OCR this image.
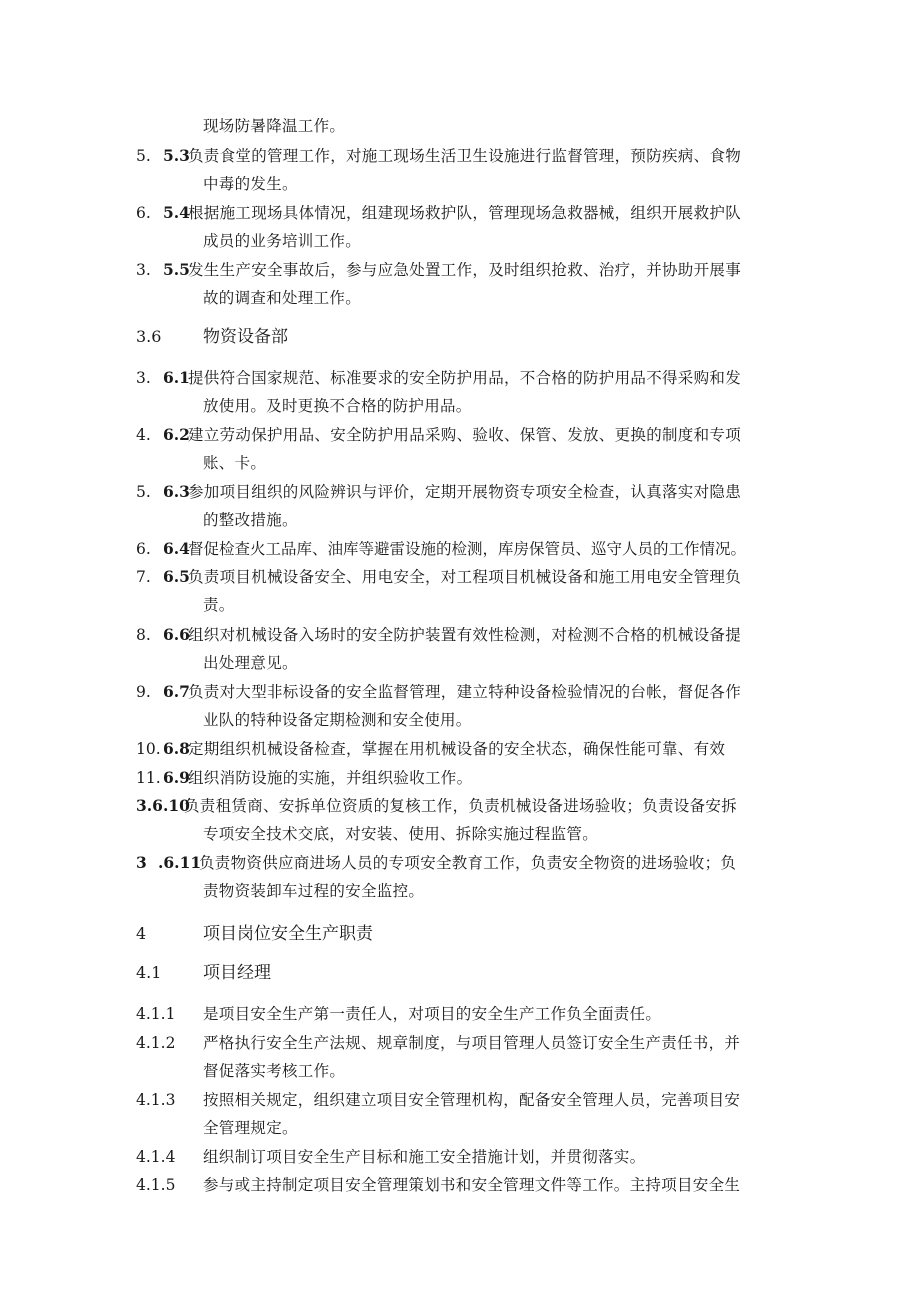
现场防暑降温工作。
5. 5.3
负责食堂的管理工作，对施工现场生活卫生设施进行监督管理，预防疾病、食物
中毒的发生。
6. 5.4
根据施工现场具体情况，组建现场救护队，管理现场急救器械，组织开展救护队
成员的业务培训工作。
3. 5.5
发生生产安全事故后，参与应急处置工作，及时组织抢救、治疗，并协助开展事
故的调查和处理工作。
3.6 物资设备部
3. 6.1
提供符合国家规范、标准要求的安全防护用品，不合格的防护用品不得采购和发
放使用。及时更换不合格的防护用品。
4. 6.2
建立劳动保护用品、安全防护用品采购、验收、保管、发放、更换的制度和专项
账、卡。
5. 6.3
参加项目组织的风险辨识与评价，定期开展物资专项安全检查，认真落实对隐患
的整改措施。
6. 6.4
督促检查火工品库、油库等避雷设施的检测，库房保管员、巡守人员的工作情况。
7. 6.5
负责项目机械设备安全、用电安全，对工程项目机械设备和施工用电安全管理负
责。
8. 6.6
组织对机械设备入场时的安全防护装置有效性检测，对检测不合格的机械设备提
出处理意见。
9. 6.7
负责对大型非标设备的安全监督管理，建立特种设备检验情况的台帐，督促各作
业队的特种设备定期检测和安全使用。
10. 6.8
定期组织机械设备检查，掌握在用机械设备的安全状态，确保性能可靠、有效
11. 6.9
组织消防设施的实施，并组织验收工作。
3.6.10
负责租赁商、安拆单位资质的复核工作，负责机械设备进场验收；负责设备安拆
专项安全技术交底，对安装、使用、拆除实施过程监管。
3 .6.11
负责物资供应商进场人员的专项安全教育工作，负责安全物资的进场验收；负
责物资装卸车过程的安全监控。
4	项目岗位安全生产职责
4.1 项目经理
4.1.1 是项目安全生产第一责任人，对项目的安全生产工作负全面责任。
4.1.2 严格执行安全生产法规、规章制度，与项目管理人员签订安全生产责任书，并
督促落实考核工作。
4.1.3 按照相关规定，组织建立项目安全管理机构，配备安全管理人员，完善项目安
全管理规定。
4.1.4 组织制订项目安全生产目标和施工安全措施计划，并贯彻落实。
4.1.5 参与或主持制定项目安全管理策划书和安全管理文件等工作。主持项目安全生
